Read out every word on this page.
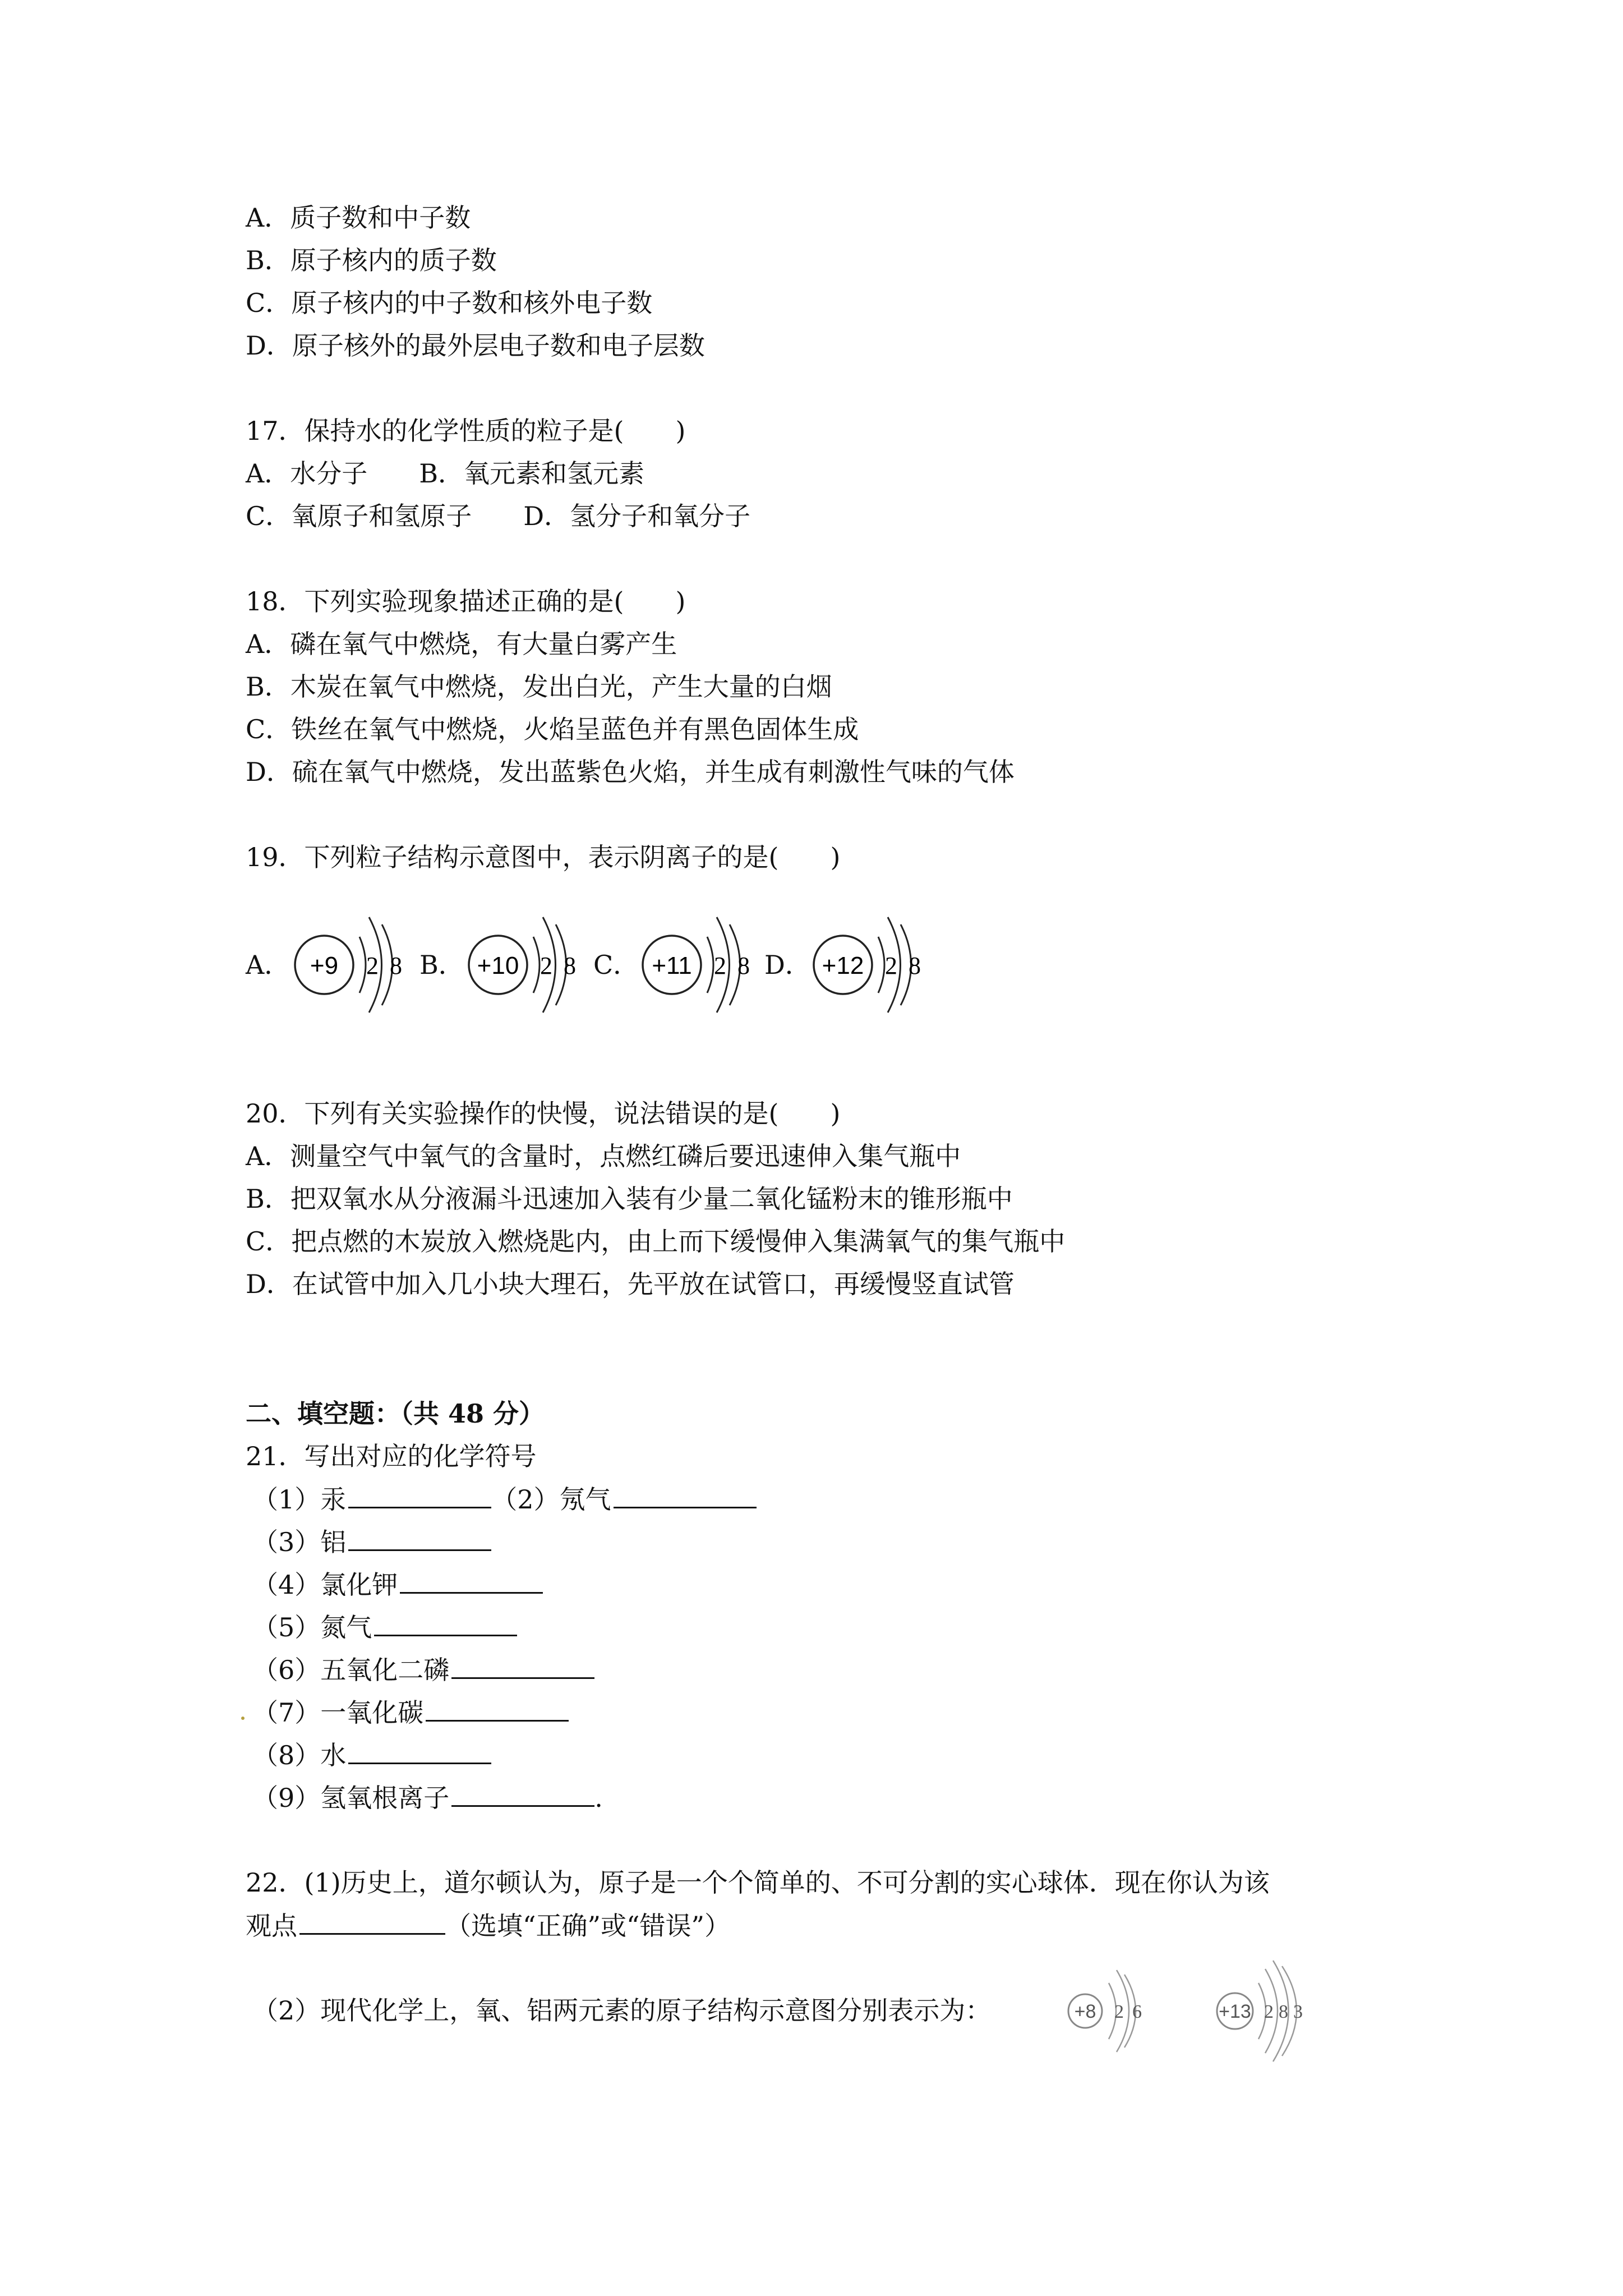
A．质子数和中子数
B．原子核内的质子数
C．原子核内的中子数和核外电子数
D．原子核外的最外层电子数和电子层数
17．保持水的化学性质的粒子是(　　)
A．水分子　　B．氧元素和氢元素
C．氧原子和氢原子　　D．氢分子和氧分子
18．下列实验现象描述正确的是(　　)
A．磷在氧气中燃烧，有大量白雾产生
B．木炭在氧气中燃烧，发出白光，产生大量的白烟
C．铁丝在氧气中燃烧，火焰呈蓝色并有黑色固体生成
D．硫在氧气中燃烧，发出蓝紫色火焰，并生成有刺激性气味的气体
19．下列粒子结构示意图中，表示阴离子的是(　　)
A． +9 2 8 B． +10 2 8 C． +11 2 8 D． +12 2 8
20．下列有关实验操作的快慢，说法错误的是(　　)
A．测量空气中氧气的含量时，点燃红磷后要迅速伸入集气瓶中
B．把双氧水从分液漏斗迅速加入装有少量二氧化锰粉末的锥形瓶中
C．把点燃的木炭放入燃烧匙内，由上而下缓慢伸入集满氧气的集气瓶中
D．在试管中加入几小块大理石，先平放在试管口，再缓慢竖直试管
二、填空题：（共 48 分）
21．写出对应的化学符号
（1）汞	（2）氖气
（3）铝
（4）氯化钾
（5）氮气
（6）五氧化二磷
（7）一氧化碳
（8）水
（9）氢氧根离子	.
22．(1)历史上，道尔顿认为，原子是一个个简单的、不可分割的实心球体．现在你认为该
观点	（选填“正确”或“错误”）
（2）现代化学上，氧、铝两元素的原子结构示意图分别表示为：	+8 2 6	+13 2 8 3
